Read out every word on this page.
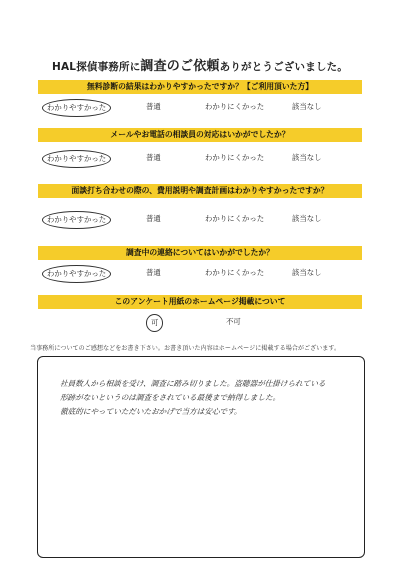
HAL探偵事務所に調査のご依頼ありがとうございました。
無料診断の結果はわかりやすかったですか？【ご利用頂いた方】
わかりやすかった	普通	わかりにくかった	該当なし
メールやお電話の相談員の対応はいかがでしたか？
わかりやすかった	普通	わかりにくかった	該当なし
面談打ち合わせの際の、費用説明や調査計画はわかりやすかったですか？
わかりやすかった	普通	わかりにくかった	該当なし
調査中の連絡についてはいかがでしたか？
わかりやすかった	普通	わかりにくかった	該当なし
このアンケート用紙のホームページ掲載について
可	不可
当事務所についてのご感想などをお書き下さい。お書き頂いた内容はホームページに掲載する場合がございます。
社員数人から相談を受け、調査に踏み切りました。盗聴器が仕掛けられている
形跡がないというのは調査をされている最後まで納得しました。
徹底的にやっていただいたおかげで当方は安心です。
